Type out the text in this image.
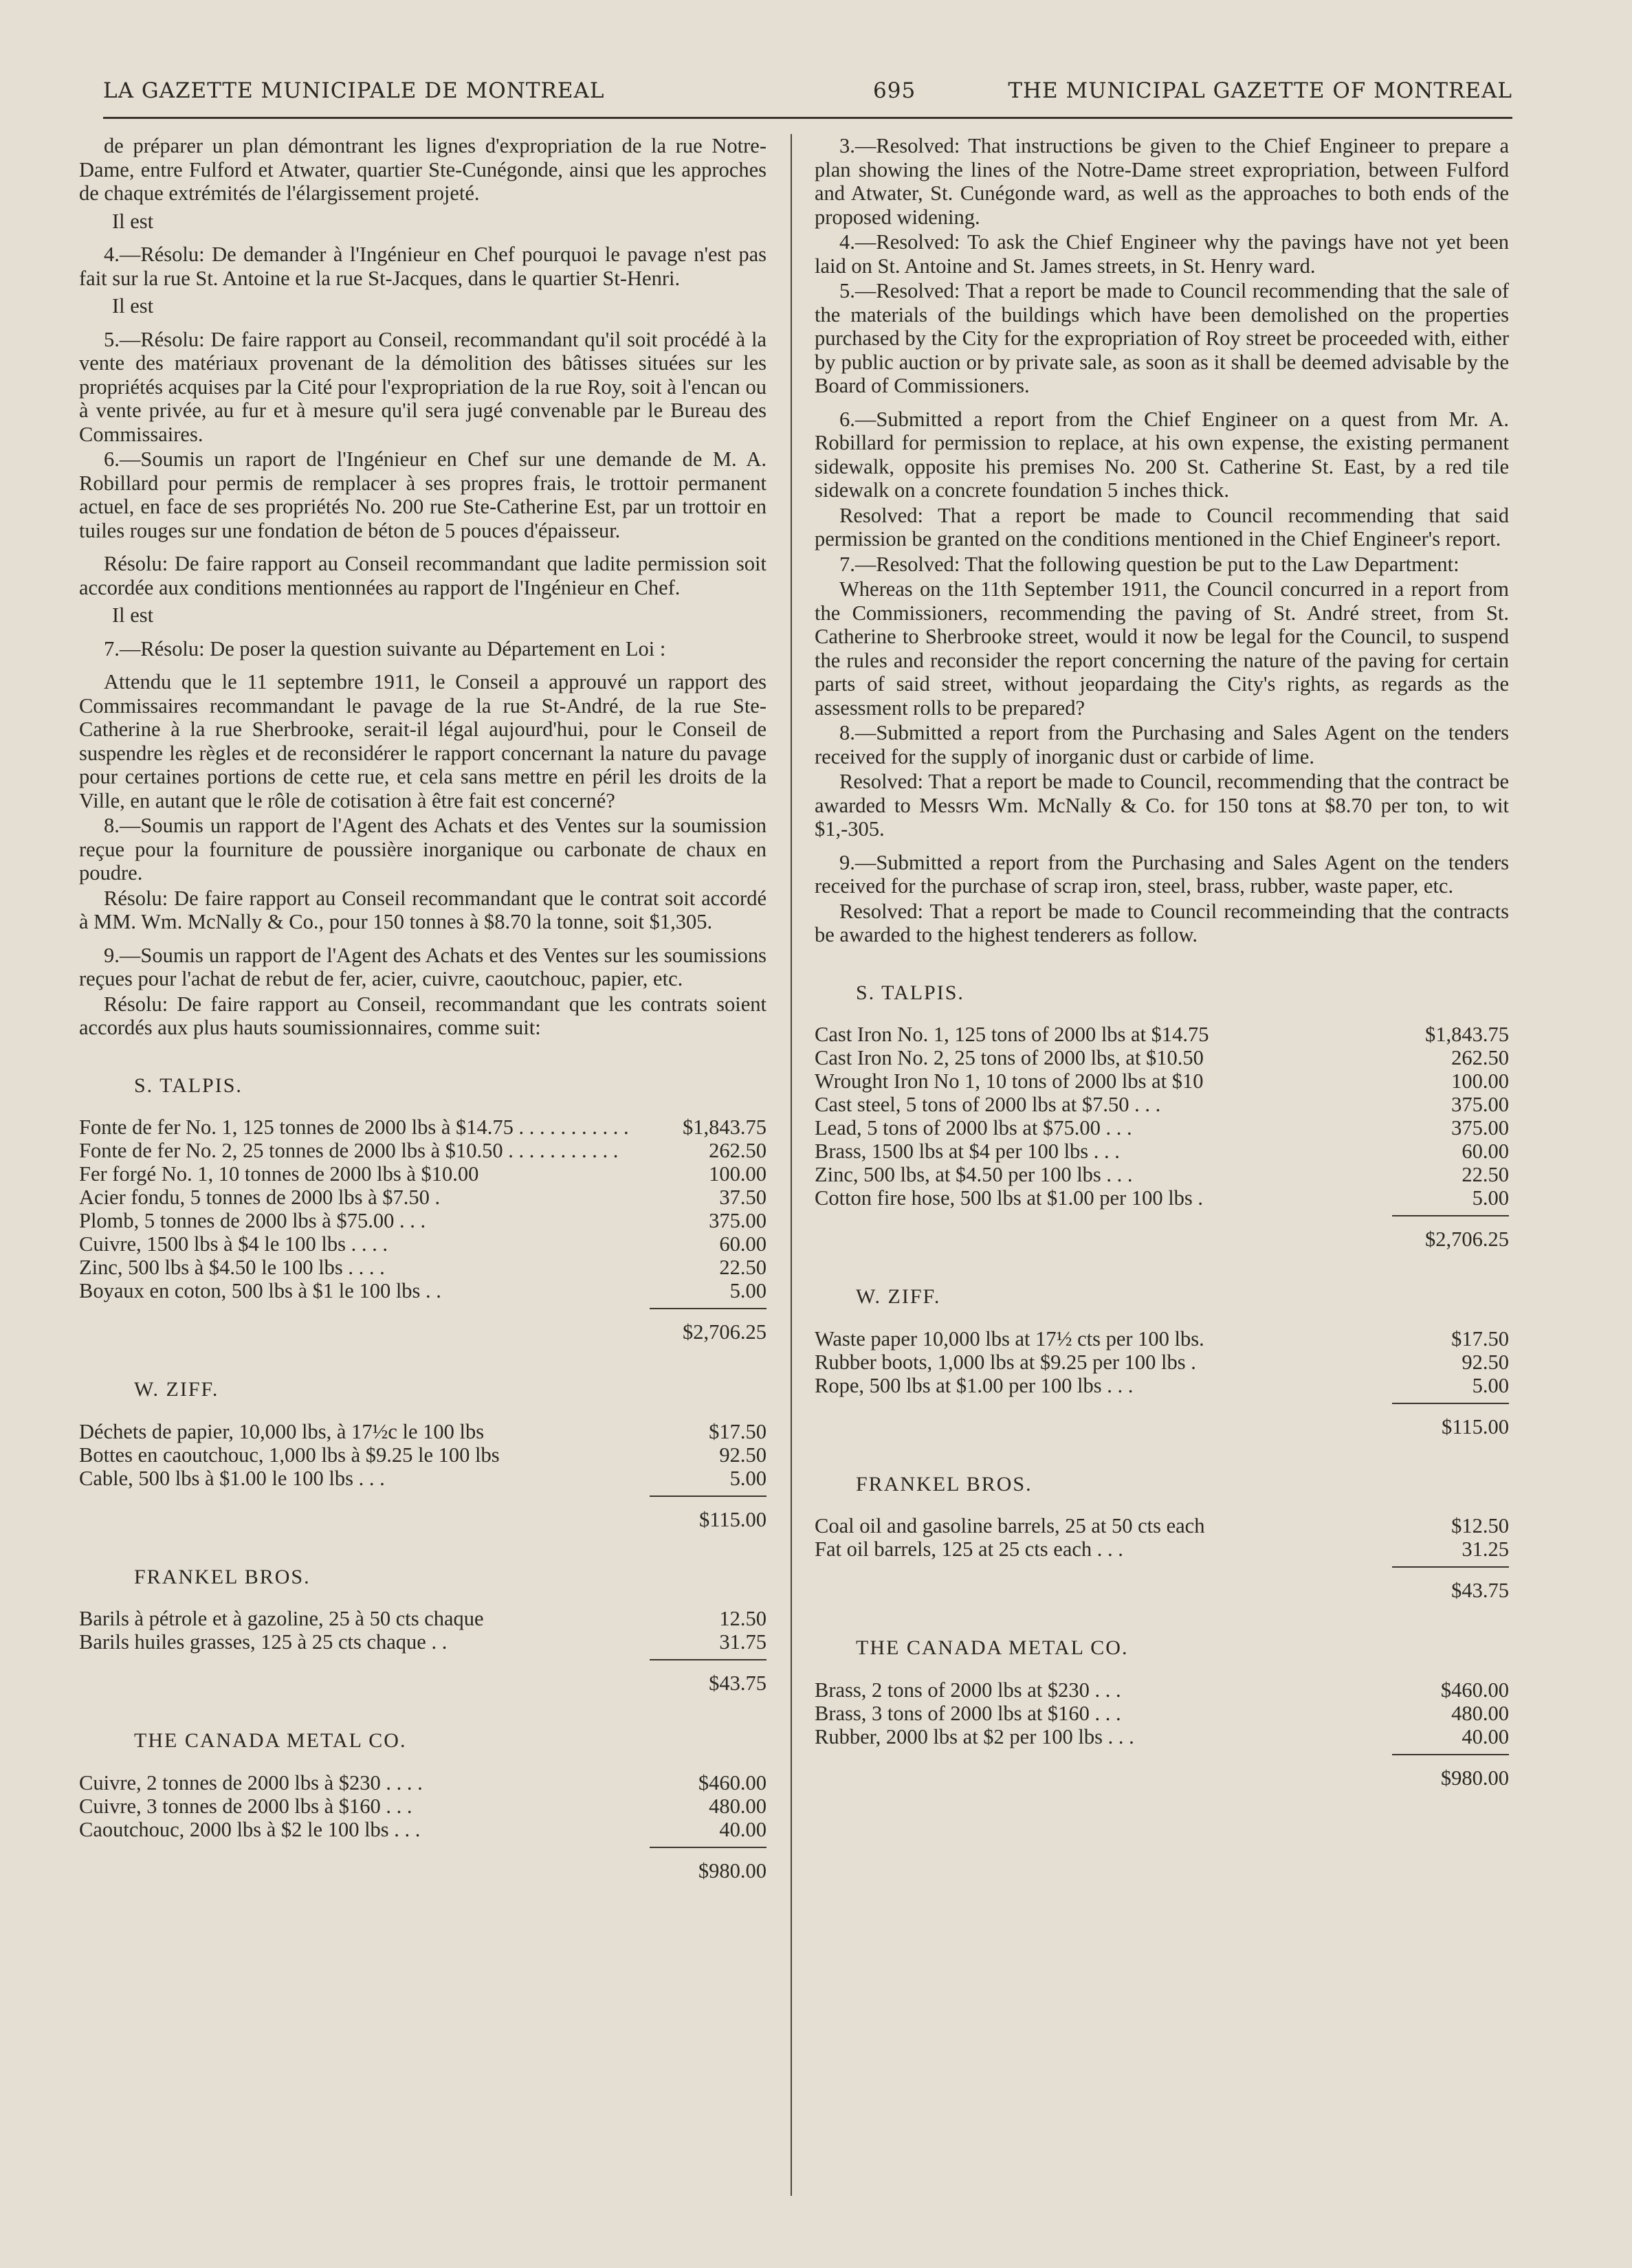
LA GAZETTE MUNICIPALE DE MONTREAL	695	THE MUNICIPAL GAZETTE OF MONTREAL

de préparer un plan démontrant les lignes d'expropriation de la rue Notre-Dame, entre Fulford et Atwater, quartier Ste-Cunégonde, ainsi que les approches de chaque extrémités de l'élargissement projeté.

Il est

4.—Résolu: De demander à l'Ingénieur en Chef pourquoi le pavage n'est pas fait sur la rue St. Antoine et la rue St-Jacques, dans le quartier St-Henri.

Il est

5.—Résolu: De faire rapport au Conseil, recommandant qu'il soit procédé à la vente des matériaux provenant de la démolition des bâtisses situées sur les propriétés acquises par la Cité pour l'expropriation de la rue Roy, soit à l'encan ou à vente privée, au fur et à mesure qu'il sera jugé convenable par le Bureau des Commissaires.

6.—Soumis un raport de l'Ingénieur en Chef sur une demande de M. A. Robillard pour permis de remplacer à ses propres frais, le trottoir permanent actuel, en face de ses propriétés No. 200 rue Ste-Catherine Est, par un trottoir en tuiles rouges sur une fondation de béton de 5 pouces d'épaisseur.

Résolu: De faire rapport au Conseil recommandant que ladite permission soit accordée aux conditions mentionnées au rapport de l'Ingénieur en Chef.

Il est

7.—Résolu: De poser la question suivante au Département en Loi :

Attendu que le 11 septembre 1911, le Conseil a approuvé un rapport des Commissaires recommandant le pavage de la rue St-André, de la rue Ste-Catherine à la rue Sherbrooke, serait-il légal aujourd'hui, pour le Conseil de suspendre les règles et de reconsidérer le rapport concernant la nature du pavage pour certaines portions de cette rue, et cela sans mettre en péril les droits de la Ville, en autant que le rôle de cotisation à être fait est concerné?

8.—Soumis un rapport de l'Agent des Achats et des Ventes sur la soumission reçue pour la fourniture de poussière inorganique ou carbonate de chaux en poudre.

Résolu: De faire rapport au Conseil recommandant que le contrat soit accordé à MM. Wm. McNally & Co., pour 150 tonnes à $8.70 la tonne, soit $1,305.

9.—Soumis un rapport de l'Agent des Achats et des Ventes sur les soumissions reçues pour l'achat de rebut de fer, acier, cuivre, caoutchouc, papier, etc.

Résolu: De faire rapport au Conseil, recommandant que les contrats soient accordés aux plus hauts soumissionnaires, comme suit:

S. TALPIS.
Fonte de fer No. 1, 125 tonnes de 2000 lbs à $14.75 . . . . . . . . . . .	$1,843.75
Fonte de fer No. 2, 25 tonnes de 2000 lbs à $10.50 . . . . . . . . . . .	262.50
Fer forgé No. 1, 10 tonnes de 2000 lbs à $10.00	100.00
Acier fondu, 5 tonnes de 2000 lbs à $7.50 .	37.50
Plomb, 5 tonnes de 2000 lbs à $75.00 . . .	375.00
Cuivre, 1500 lbs à $4 le 100 lbs . . . .	60.00
Zinc, 500 lbs à $4.50 le 100 lbs . . . .	22.50
Boyaux en coton, 500 lbs à $1 le 100 lbs . .	5.00
$2,706.25
W. ZIFF.
Déchets de papier, 10,000 lbs, à 17½c le 100 lbs	$17.50
Bottes en caoutchouc, 1,000 lbs à $9.25 le 100 lbs	92.50
Cable, 500 lbs à $1.00 le 100 lbs . . .	5.00
$115.00
FRANKEL BROS.
Barils à pétrole et à gazoline, 25 à 50 cts chaque	12.50
Barils huiles grasses, 125 à 25 cts chaque . .	31.75
$43.75
THE CANADA METAL CO.
Cuivre, 2 tonnes de 2000 lbs à $230 . . . .	$460.00
Cuivre, 3 tonnes de 2000 lbs à $160 . . .	480.00
Caoutchouc, 2000 lbs à $2 le 100 lbs . . .	40.00
$980.00

3.—Resolved: That instructions be given to the Chief Engineer to prepare a plan showing the lines of the Notre-Dame street expropriation, between Fulford and Atwater, St. Cunégonde ward, as well as the approaches to both ends of the proposed widening.

4.—Resolved: To ask the Chief Engineer why the pavings have not yet been laid on St. Antoine and St. James streets, in St. Henry ward.

5.—Resolved: That a report be made to Council recommending that the sale of the materials of the buildings which have been demolished on the properties purchased by the City for the expropriation of Roy street be proceeded with, either by public auction or by private sale, as soon as it shall be deemed advisable by the Board of Commissioners.

6.—Submitted a report from the Chief Engineer on a quest from Mr. A. Robillard for permission to replace, at his own expense, the existing permanent sidewalk, opposite his premises No. 200 St. Catherine St. East, by a red tile sidewalk on a concrete foundation 5 inches thick.

Resolved: That a report be made to Council recommending that said permission be granted on the conditions mentioned in the Chief Engineer's report.

7.—Resolved: That the following question be put to the Law Department:

Whereas on the 11th September 1911, the Council concurred in a report from the Commissioners, recommending the paving of St. André street, from St. Catherine to Sherbrooke street, would it now be legal for the Council, to suspend the rules and reconsider the report concerning the nature of the paving for certain parts of said street, without jeopardaing the City's rights, as regards as the assessment rolls to be prepared?

8.—Submitted a report from the Purchasing and Sales Agent on the tenders received for the supply of inorganic dust or carbide of lime.

Resolved: That a report be made to Council, recommending that the contract be awarded to Messrs Wm. McNally & Co. for 150 tons at $8.70 per ton, to wit $1,-305.

9.—Submitted a report from the Purchasing and Sales Agent on the tenders received for the purchase of scrap iron, steel, brass, rubber, waste paper, etc.

Resolved: That a report be made to Council recommeinding that the contracts be awarded to the highest tenderers as follow.

S. TALPIS.
Cast Iron No. 1, 125 tons of 2000 lbs at $14.75	$1,843.75
Cast Iron No. 2, 25 tons of 2000 lbs, at $10.50	262.50
Wrought Iron No 1, 10 tons of 2000 lbs at $10	100.00
Cast steel, 5 tons of 2000 lbs at $7.50 . . .	375.00
Lead, 5 tons of 2000 lbs at $75.00 . . .	375.00
Brass, 1500 lbs at $4 per 100 lbs . . .	60.00
Zinc, 500 lbs, at $4.50 per 100 lbs . . .	22.50
Cotton fire hose, 500 lbs at $1.00 per 100 lbs .	5.00
$2,706.25
W. ZIFF.
Waste paper 10,000 lbs at 17½ cts per 100 lbs.	$17.50
Rubber boots, 1,000 lbs at $9.25 per 100 lbs .	92.50
Rope, 500 lbs at $1.00 per 100 lbs . . .	5.00
$115.00
FRANKEL BROS.
Coal oil and gasoline barrels, 25 at 50 cts each	$12.50
Fat oil barrels, 125 at 25 cts each . . .	31.25
$43.75
THE CANADA METAL CO.
Brass, 2 tons of 2000 lbs at $230 . . .	$460.00
Brass, 3 tons of 2000 lbs at $160 . . .	480.00
Rubber, 2000 lbs at $2 per 100 lbs . . .	40.00
$980.00
